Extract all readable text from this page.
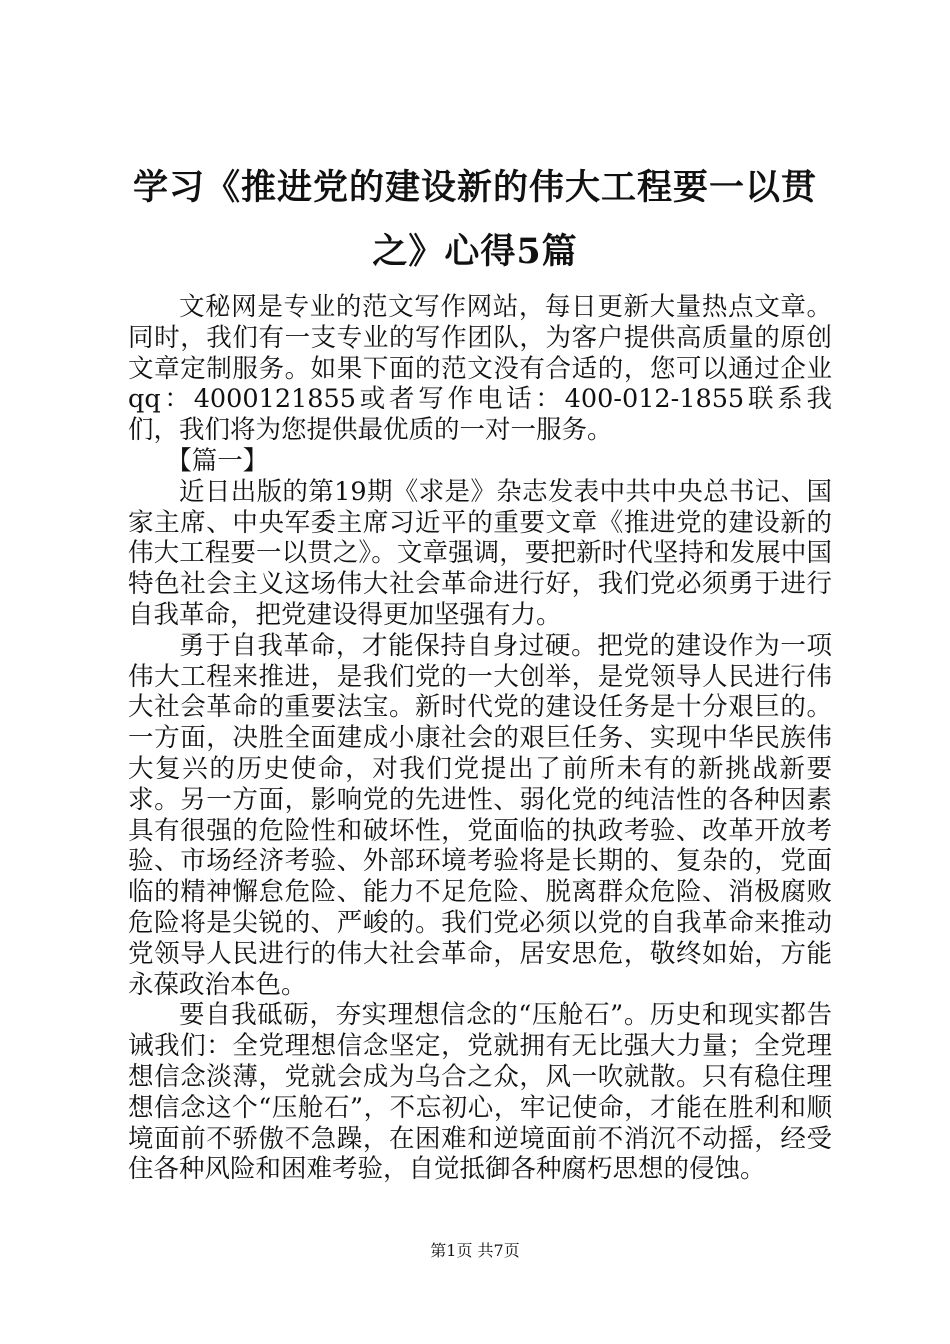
学习《推进党的建设新的伟大工程要一以贯
之》心得5篇

文秘网是专业的范文写作网站，每日更新大量热点文章。同时，我们有一支专业的写作团队，为客户提供高质量的原创文章定制服务。如果下面的范文没有合适的，您可以通过企业qq：4000121855或者写作电话：400-012-1855联系我们，我们将为您提供最优质的一对一服务。

【篇一】

近日出版的第19期《求是》杂志发表中共中央总书记、国家主席、中央军委主席习近平的重要文章《推进党的建设新的伟大工程要一以贯之》。文章强调，要把新时代坚持和发展中国特色社会主义这场伟大社会革命进行好，我们党必须勇于进行自我革命，把党建设得更加坚强有力。

勇于自我革命，才能保持自身过硬。把党的建设作为一项伟大工程来推进，是我们党的一大创举，是党领导人民进行伟大社会革命的重要法宝。新时代党的建设任务是十分艰巨的。一方面，决胜全面建成小康社会的艰巨任务、实现中华民族伟大复兴的历史使命，对我们党提出了前所未有的新挑战新要求。另一方面，影响党的先进性、弱化党的纯洁性的各种因素具有很强的危险性和破坏性，党面临的执政考验、改革开放考验、市场经济考验、外部环境考验将是长期的、复杂的，党面临的精神懈怠危险、能力不足危险、脱离群众危险、消极腐败危险将是尖锐的、严峻的。我们党必须以党的自我革命来推动党领导人民进行的伟大社会革命，居安思危，敬终如始，方能永葆政治本色。

要自我砥砺，夯实理想信念的“压舱石”。历史和现实都告诫我们：全党理想信念坚定，党就拥有无比强大力量；全党理想信念淡薄，党就会成为乌合之众，风一吹就散。只有稳住理想信念这个“压舱石”，不忘初心，牢记使命，才能在胜利和顺境面前不骄傲不急躁，在困难和逆境面前不消沉不动摇，经受住各种风险和困难考验，自觉抵御各种腐朽思想的侵蚀。

第1页 共7页
